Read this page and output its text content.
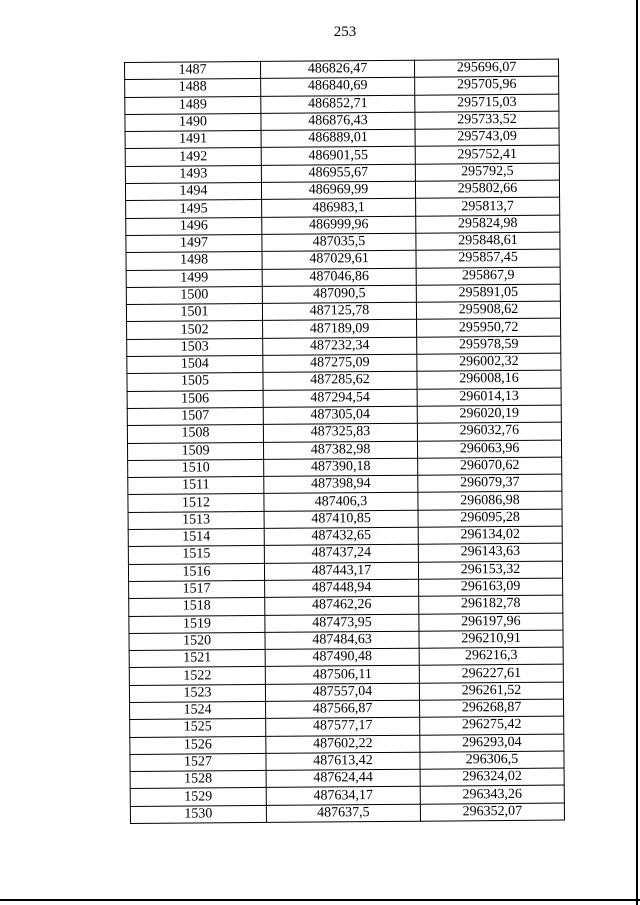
253
1487	486826,47	295696,07
1488	486840,69	295705,96
1489	486852,71	295715,03
1490	486876,43	295733,52
1491	486889,01	295743,09
1492	486901,55	295752,41
1493	486955,67	295792,5
1494	486969,99	295802,66
1495	486983,1	295813,7
1496	486999,96	295824,98
1497	487035,5	295848,61
1498	487029,61	295857,45
1499	487046,86	295867,9
1500	487090,5	295891,05
1501	487125,78	295908,62
1502	487189,09	295950,72
1503	487232,34	295978,59
1504	487275,09	296002,32
1505	487285,62	296008,16
1506	487294,54	296014,13
1507	487305,04	296020,19
1508	487325,83	296032,76
1509	487382,98	296063,96
1510	487390,18	296070,62
1511	487398,94	296079,37
1512	487406,3	296086,98
1513	487410,85	296095,28
1514	487432,65	296134,02
1515	487437,24	296143,63
1516	487443,17	296153,32
1517	487448,94	296163,09
1518	487462,26	296182,78
1519	487473,95	296197,96
1520	487484,63	296210,91
1521	487490,48	296216,3
1522	487506,11	296227,61
1523	487557,04	296261,52
1524	487566,87	296268,87
1525	487577,17	296275,42
1526	487602,22	296293,04
1527	487613,42	296306,5
1528	487624,44	296324,02
1529	487634,17	296343,26
1530	487637,5	296352,07
